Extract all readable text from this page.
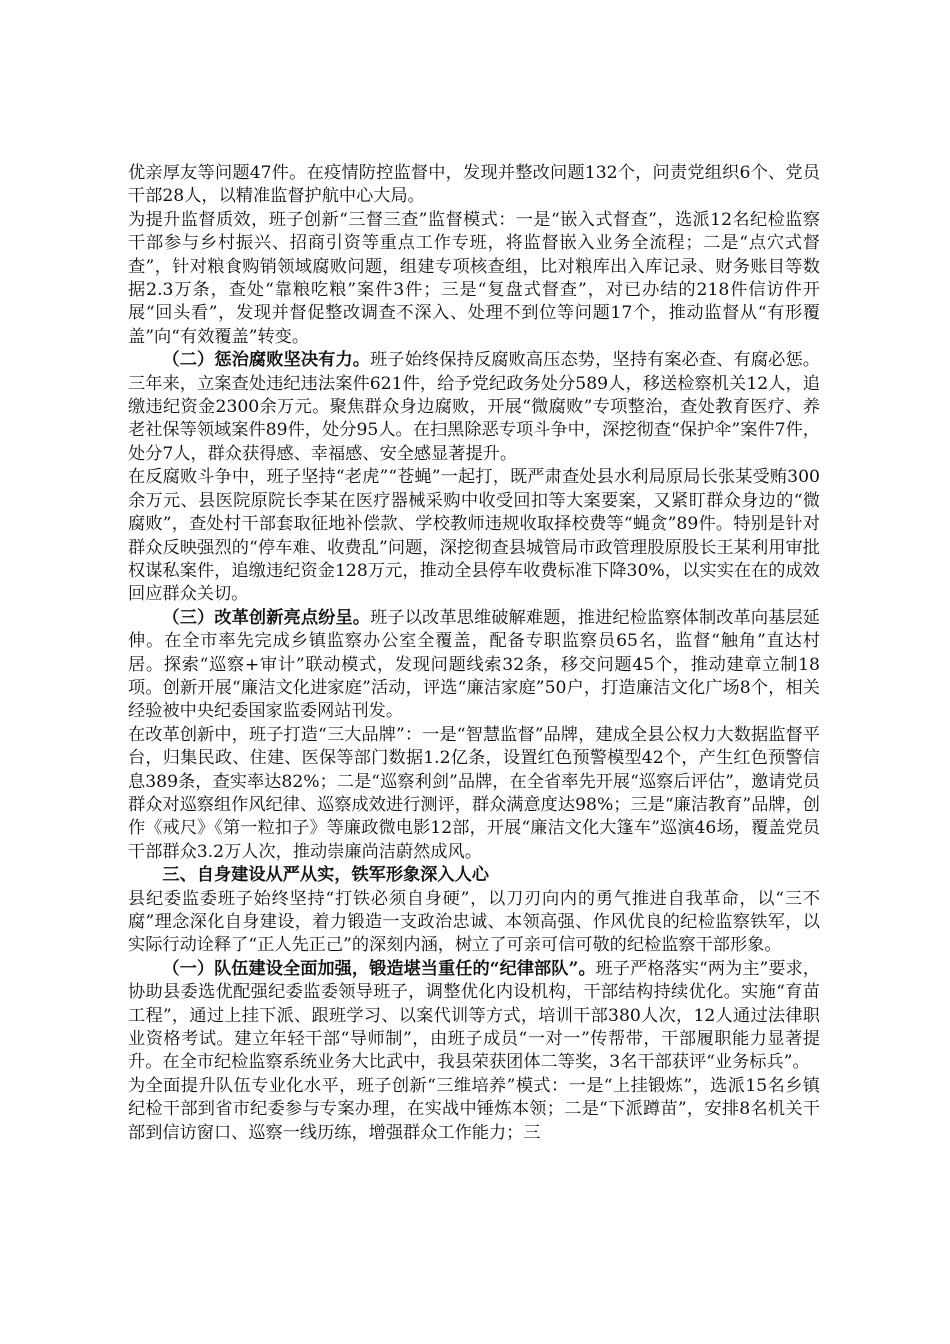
优亲厚友等问题47件。在疫情防控监督中，发现并整改问题132个，问责党组织6个、党员干部28人，以精准监督护航中心大局。

为提升监督质效，班子创新“三督三查”监督模式：一是“嵌入式督查”，选派12名纪检监察干部参与乡村振兴、招商引资等重点工作专班，将监督嵌入业务全流程；二是“点穴式督查”，针对粮食购销领域腐败问题，组建专项核查组，比对粮库出入库记录、财务账目等数据2.3万条，查处“靠粮吃粮”案件3件；三是“复盘式督查”，对已办结的218件信访件开展“回头看”，发现并督促整改调查不深入、处理不到位等问题17个，推动监督从“有形覆盖”向“有效覆盖”转变。

（二）惩治腐败坚决有力。班子始终保持反腐败高压态势，坚持有案必查、有腐必惩。三年来，立案查处违纪违法案件621件，给予党纪政务处分589人，移送检察机关12人，追缴违纪资金2300余万元。聚焦群众身边腐败，开展“微腐败”专项整治，查处教育医疗、养老社保等领域案件89件，处分95人。在扫黑除恶专项斗争中，深挖彻查“保护伞”案件7件，处分7人，群众获得感、幸福感、安全感显著提升。

在反腐败斗争中，班子坚持“老虎”“苍蝇”一起打，既严肃查处县水利局原局长张某受贿300余万元、县医院原院长李某在医疗器械采购中收受回扣等大案要案，又紧盯群众身边的“微腐败”，查处村干部套取征地补偿款、学校教师违规收取择校费等“蝇贪”89件。特别是针对群众反映强烈的“停车难、收费乱”问题，深挖彻查县城管局市政管理股原股长王某利用审批权谋私案件，追缴违纪资金128万元，推动全县停车收费标准下降30%，以实实在在的成效回应群众关切。

（三）改革创新亮点纷呈。班子以改革思维破解难题，推进纪检监察体制改革向基层延伸。在全市率先完成乡镇监察办公室全覆盖，配备专职监察员65名，监督“触角”直达村居。探索“巡察+审计”联动模式，发现问题线索32条，移交问题45个，推动建章立制18项。创新开展“廉洁文化进家庭”活动，评选“廉洁家庭”50户，打造廉洁文化广场8个，相关经验被中央纪委国家监委网站刊发。

在改革创新中，班子打造“三大品牌”：一是“智慧监督”品牌，建成全县公权力大数据监督平台，归集民政、住建、医保等部门数据1.2亿条，设置红色预警模型42个，产生红色预警信息389条，查实率达82%；二是“巡察利剑”品牌，在全省率先开展“巡察后评估”，邀请党员群众对巡察组作风纪律、巡察成效进行测评，群众满意度达98%；三是“廉洁教育”品牌，创作《戒尺》《第一粒扣子》等廉政微电影12部，开展“廉洁文化大篷车”巡演46场，覆盖党员干部群众3.2万人次，推动崇廉尚洁蔚然成风。

三、自身建设从严从实，铁军形象深入人心

县纪委监委班子始终坚持“打铁必须自身硬”，以刀刃向内的勇气推进自我革命，以“三不腐”理念深化自身建设，着力锻造一支政治忠诚、本领高强、作风优良的纪检监察铁军，以实际行动诠释了“正人先正己”的深刻内涵，树立了可亲可信可敬的纪检监察干部形象。

（一）队伍建设全面加强，锻造堪当重任的“纪律部队”。班子严格落实“两为主”要求，协助县委选优配强纪委监委领导班子，调整优化内设机构，干部结构持续优化。实施“育苗工程”，通过上挂下派、跟班学习、以案代训等方式，培训干部380人次，12人通过法律职业资格考试。建立年轻干部“导师制”，由班子成员“一对一”传帮带，干部履职能力显著提升。在全市纪检监察系统业务大比武中，我县荣获团体二等奖，3名干部获评“业务标兵”。

为全面提升队伍专业化水平，班子创新“三维培养”模式：一是“上挂锻炼”，选派15名乡镇纪检干部到省市纪委参与专案办理，在实战中锤炼本领；二是“下派蹲苗”，安排8名机关干部到信访窗口、巡察一线历练，增强群众工作能力；三
